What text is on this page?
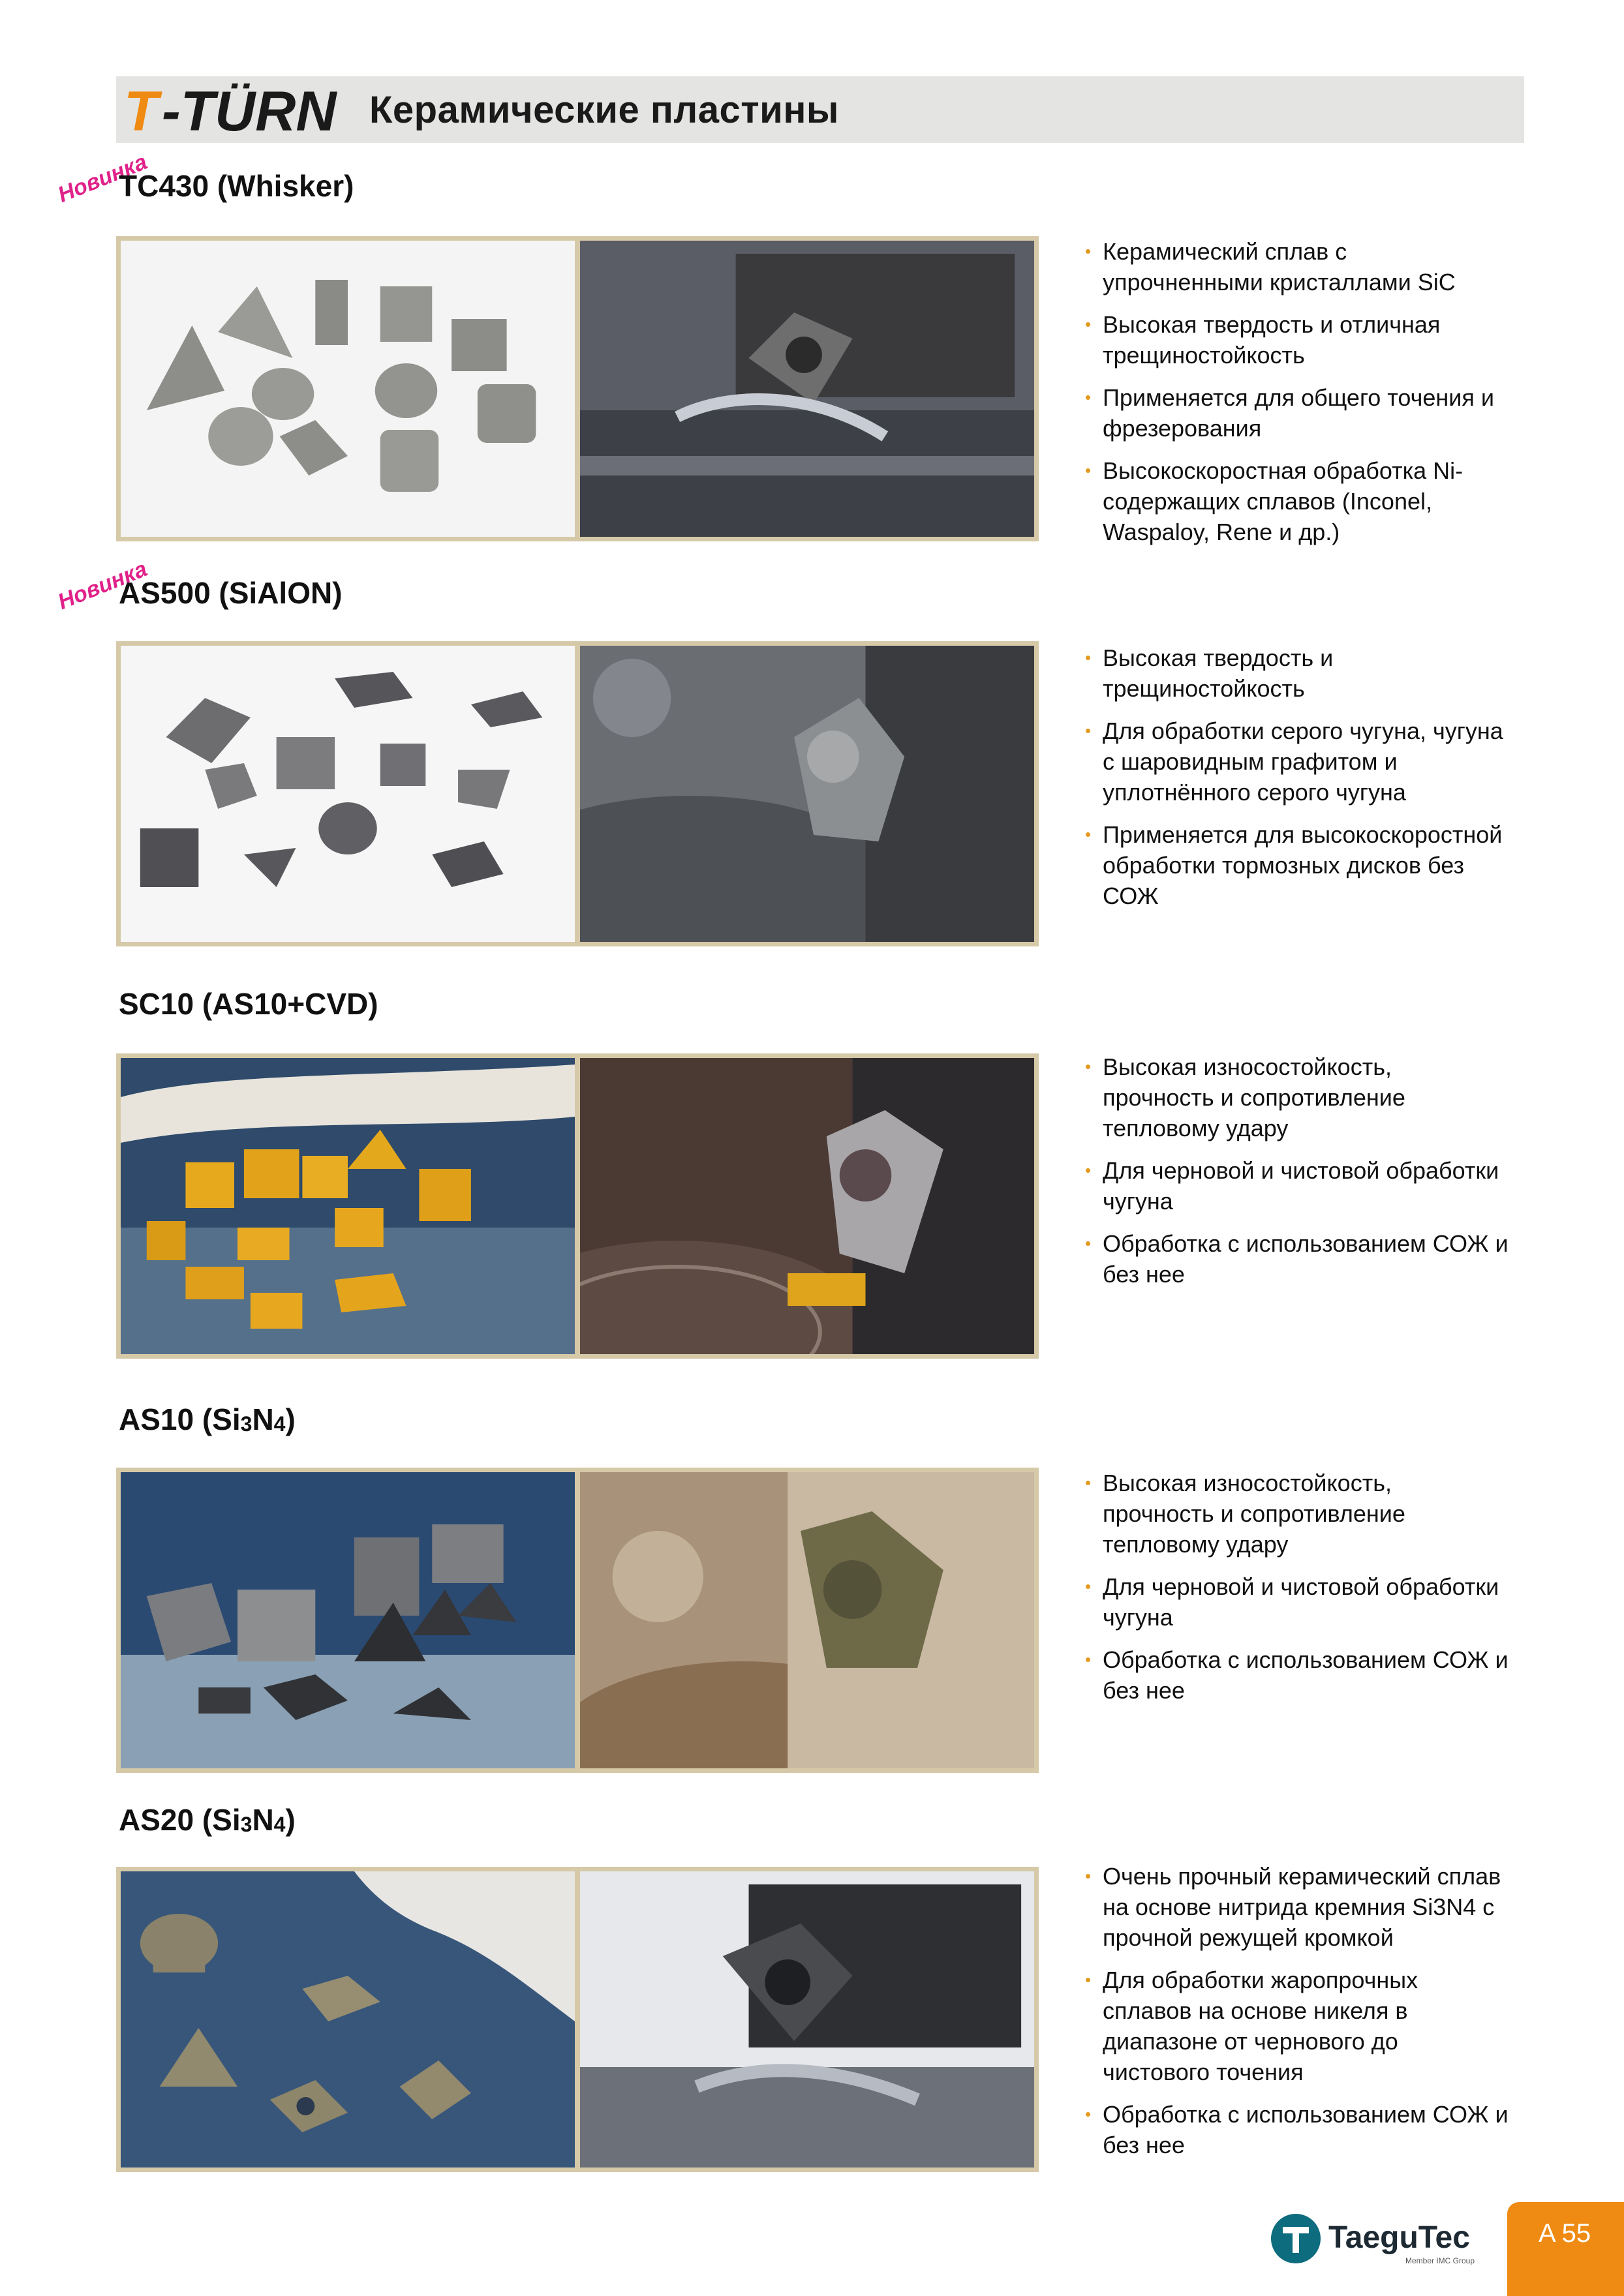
T -TÜRN Керамические пластины
Новинка
TC430 (Whisker)
Керамический сплав с упрочненными кристаллами SiC
Высокая твердость и отличная трещиностойкость
Применяется для общего точения и фрезерования
Высокоскоростная обработка Ni-содержащих сплавов (Inconel, Waspaloy, Rene и др.)
Новинка
AS500 (SiAlON)
Высокая твердость и трещиностойкость
Для обработки серого чугуна, чугуна с шаровидным графитом и уплотнённого серого чугуна
Применяется для высокоскоростной обработки тормозных дисков без СОЖ
SC10 (AS10+CVD)
Высокая износостойкость, прочность и сопротивление тепловому удару
Для черновой и чистовой обработки чугуна
Обработка с использованием СОЖ и без нее
AS10 $(Si_3N_4)$
Высокая износостойкость, прочность и сопротивление тепловому удару
Для черновой и чистовой обработки чугуна
Обработка с использованием СОЖ и без нее
AS20 $(Si_3N_4)$
Очень прочный керамический сплав на основе нитрида кремния Si3N4 с прочной режущей кромкой
Для обработки жаропрочных сплавов на основе никеля в диапазоне от чернового до чистового точения
Обработка с использованием СОЖ и без нее
TaeguTec
Member IMC Group
A 55
